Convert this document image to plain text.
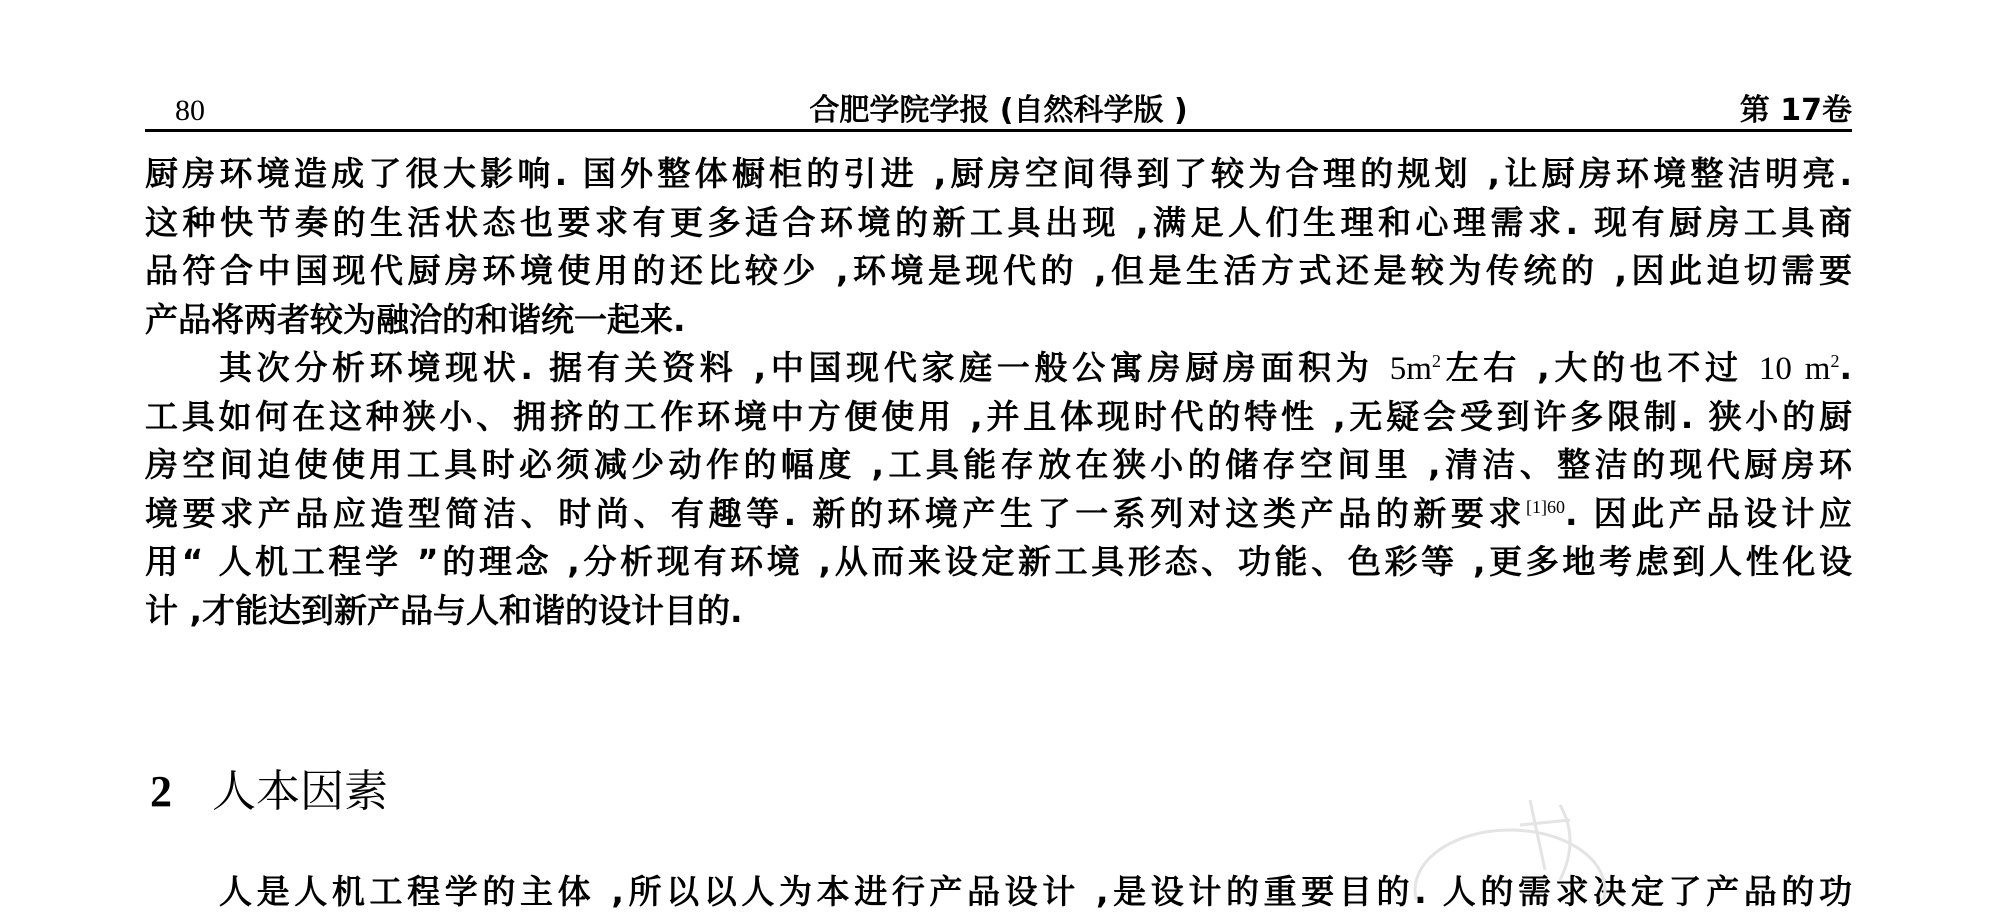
80	合肥学院学报 (自然科学版 )	第 17卷
厨房环境造成了很大影响. 国外整体橱柜的引进 ,厨房空间得到了较为合理的规划 ,让厨房环境整洁明亮.
这种快节奏的生活状态也要求有更多适合环境的新工具出现 ,满足人们生理和心理需求. 现有厨房工具商
品符合中国现代厨房环境使用的还比较少 ,环境是现代的 ,但是生活方式还是较为传统的 ,因此迫切需要
产品将两者较为融洽的和谐统一起来.
其次分析环境现状. 据有关资料 ,中国现代家庭一般公寓房厨房面积为 $5m^2$左右 ,大的也不过 10 $m^2$.
工具如何在这种狭小、拥挤的工作环境中方便使用 ,并且体现时代的特性 ,无疑会受到许多限制. 狭小的厨
房空间迫使使用工具时必须减少动作的幅度 ,工具能存放在狭小的储存空间里 ,清洁、整洁的现代厨房环
境要求产品应造型简洁、时尚、有趣等. 新的环境产生了一系列对这类产品的新要求$^{[1]60}$. 因此产品设计应
用“ 人机工程学 ”的理念 ,分析现有环境 ,从而来设定新工具形态、功能、色彩等 ,更多地考虑到人性化设
计 ,才能达到新产品与人和谐的设计目的.
2 人本因素
人是人机工程学的主体 ,所以以人为本进行产品设计 ,是设计的重要目的. 人的需求决定了产品的功
